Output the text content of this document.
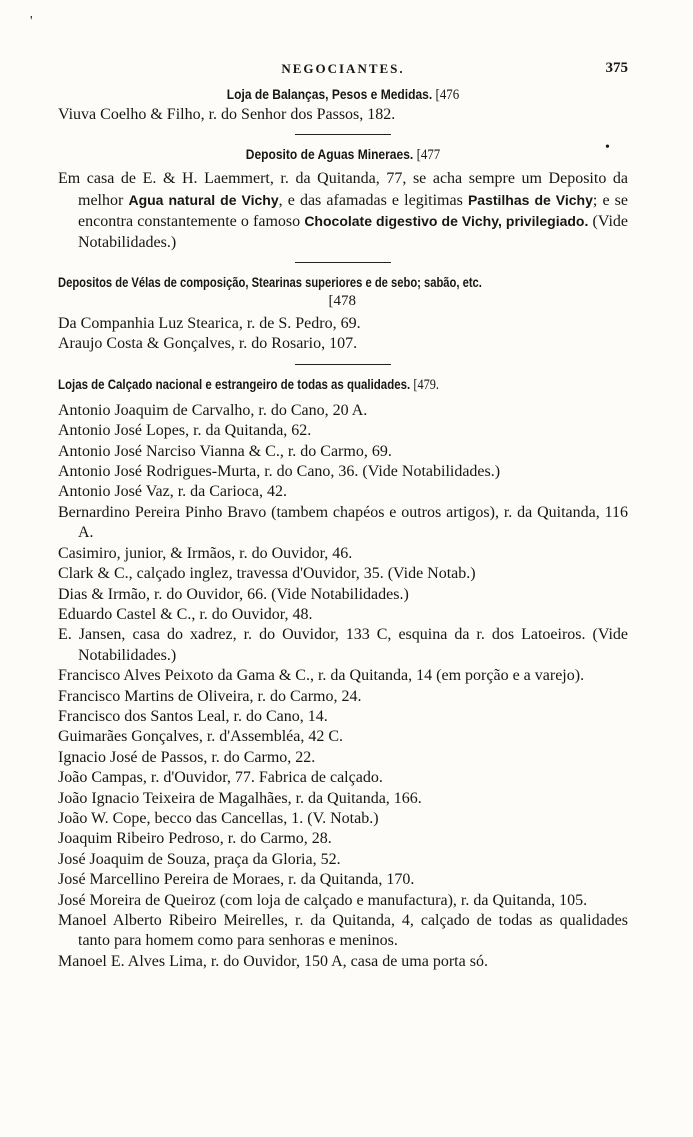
'
•
NEGOCIANTES.	375
Loja de Balanças, Pesos e Medidas. [476

Viuva Coelho & Filho, r. do Senhor dos Passos, 182.

Deposito de Aguas Mineraes. [477

Em casa de E. & H. Laemmert, r. da Quitanda, 77, se acha sempre um Deposito da melhor Agua natural de Vichy, e das afamadas e legitimas Pastilhas de Vichy; e se encontra constantemente o famoso Chocolate digestivo de Vichy, privilegiado. (Vide Notabilidades.)

Depositos de Vélas de composição, Stearinas superiores e de sebo; sabão, etc.
[478

Da Companhia Luz Stearica, r. de S. Pedro, 69.

Araujo Costa & Gonçalves, r. do Rosario, 107.

Lojas de Calçado nacional e estrangeiro de todas as qualidades. [479.

Antonio Joaquim de Carvalho, r. do Cano, 20 A.

Antonio José Lopes, r. da Quitanda, 62.

Antonio José Narciso Vianna & C., r. do Carmo, 69.

Antonio José Rodrigues-Murta, r. do Cano, 36. (Vide Notabilidades.)

Antonio José Vaz, r. da Carioca, 42.

Bernardino Pereira Pinho Bravo (tambem chapéos e outros artigos), r. da Quitanda, 116 A.

Casimiro, junior, & Irmãos, r. do Ouvidor, 46.

Clark & C., calçado inglez, travessa d'Ouvidor, 35. (Vide Notab.)

Dias & Irmão, r. do Ouvidor, 66. (Vide Notabilidades.)

Eduardo Castel & C., r. do Ouvidor, 48.

E. Jansen, casa do xadrez, r. do Ouvidor, 133 C, esquina da r. dos Latoeiros. (Vide Notabilidades.)

Francisco Alves Peixoto da Gama & C., r. da Quitanda, 14 (em porção e a varejo).

Francisco Martins de Oliveira, r. do Carmo, 24.

Francisco dos Santos Leal, r. do Cano, 14.

Guimarães Gonçalves, r. d'Assembléa, 42 C.

Ignacio José de Passos, r. do Carmo, 22.

João Campas, r. d'Ouvidor, 77. Fabrica de calçado.

João Ignacio Teixeira de Magalhães, r. da Quitanda, 166.

João W. Cope, becco das Cancellas, 1. (V. Notab.)

Joaquim Ribeiro Pedroso, r. do Carmo, 28.

José Joaquim de Souza, praça da Gloria, 52.

José Marcellino Pereira de Moraes, r. da Quitanda, 170.

José Moreira de Queiroz (com loja de calçado e manufactura), r. da Quitanda, 105.

Manoel Alberto Ribeiro Meirelles, r. da Quitanda, 4, calçado de todas as qualidades tanto para homem como para senhoras e meninos.

Manoel E. Alves Lima, r. do Ouvidor, 150 A, casa de uma porta só.
